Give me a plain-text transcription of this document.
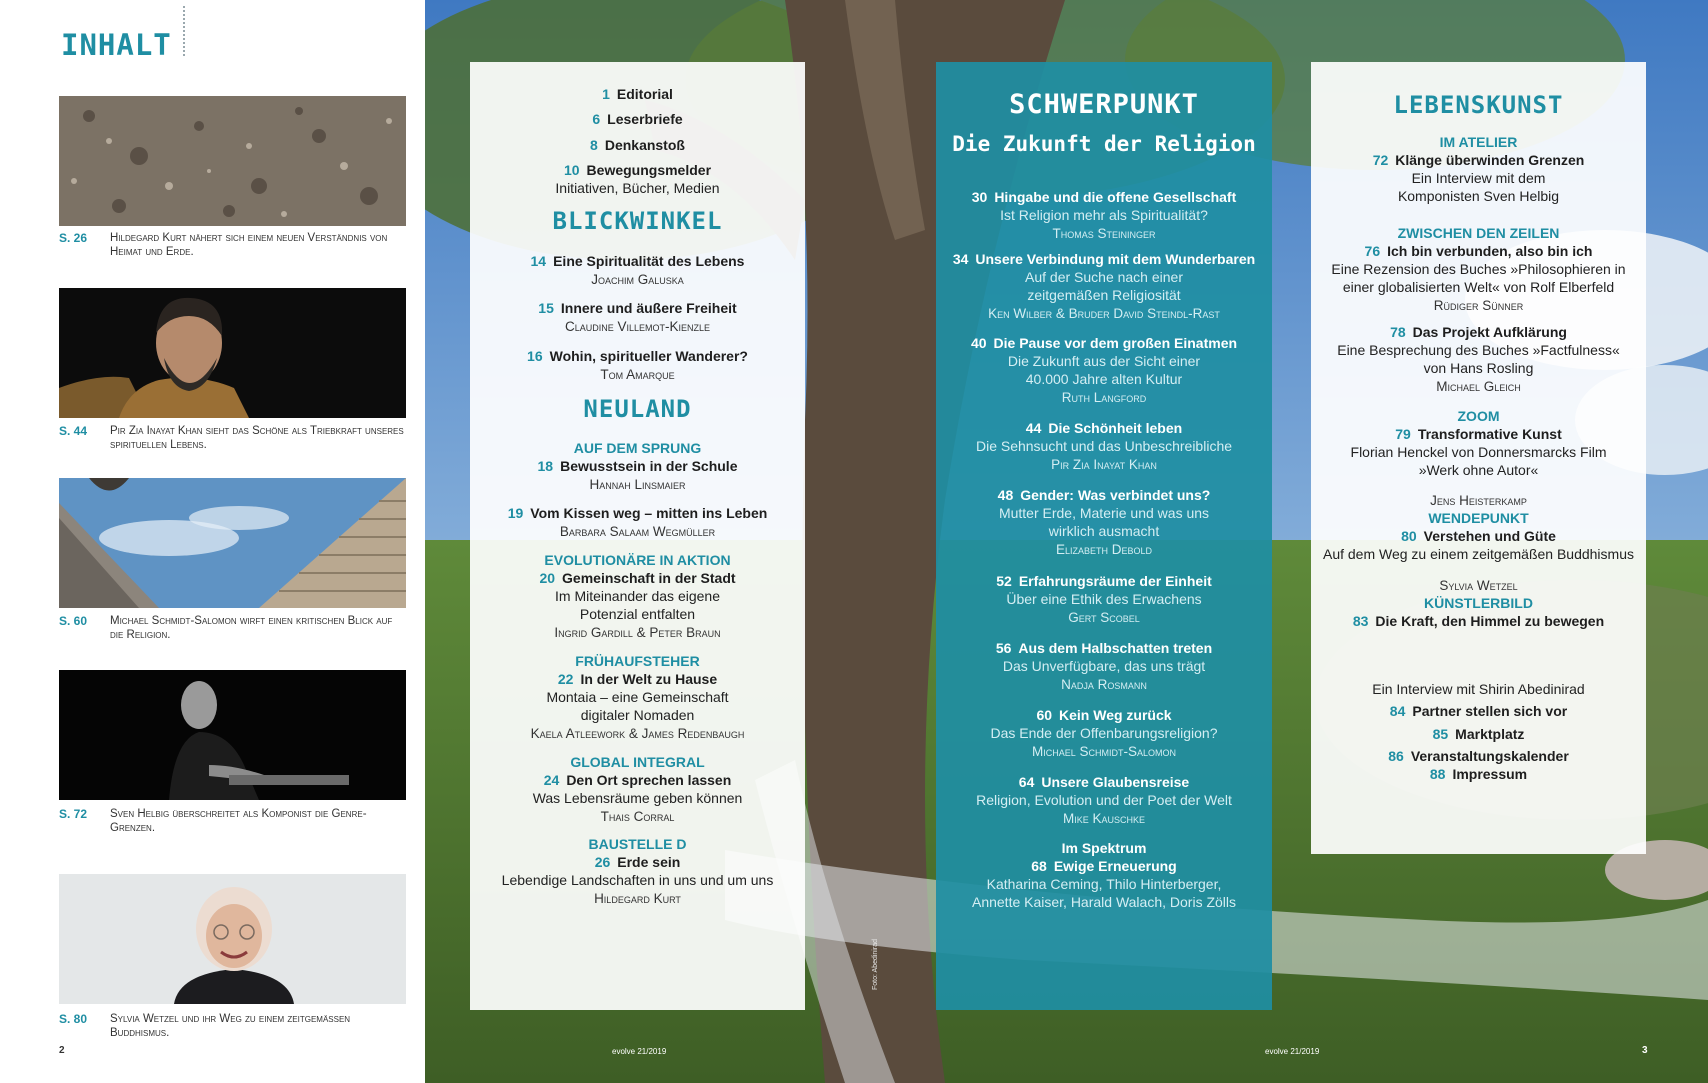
INHALT
S. 26 Hildegard Kurt nähert sich einem neuen Verständnis von Heimat und Erde.
S. 44 Pir Zia Inayat Khan sieht das Schöne als Triebkraft unseres spirituellen Lebens.
S. 60 Michael Schmidt-Salomon wirft einen kritischen Blick auf die Religion.
S. 72 Sven Helbig überschreitet als Komponist die Genre-Grenzen.
S. 80 Sylvia Wetzel und ihr Weg zu einem zeitgemässen Buddhismus.
2
1 Editorial
6 Leserbriefe
8 Denkanstoß
10 Bewegungsmelder
Initiativen, Bücher, Medien
BLICKWINKEL
14 Eine Spiritualität des Lebens
Joachim Galuska
15 Innere und äußere Freiheit
Claudine Villemot-Kienzle
16 Wohin, spiritueller Wanderer?
Tom Amarque
NEULAND
AUF DEM SPRUNG
18 Bewusstsein in der Schule
Hannah Linsmaier
19 Vom Kissen weg – mitten ins Leben
Barbara Salaam Wegmüller
EVOLUTIONÄRE IN AKTION
20 Gemeinschaft in der Stadt
Im Miteinander das eigene
Potenzial entfalten
Ingrid Gardill & Peter Braun
FRÜHAUFSTEHER
22 In der Welt zu Hause
Montaia – eine Gemeinschaft
digitaler Nomaden
Kaela Atleework & James Redenbaugh
GLOBAL INTEGRAL
24 Den Ort sprechen lassen
Was Lebensräume geben können
Thais Corral
BAUSTELLE D
26 Erde sein
Lebendige Landschaften in uns und um uns
Hildegard Kurt
SCHWERPUNKT
Die Zukunft der Religion
30 Hingabe und die offene Gesellschaft
Ist Religion mehr als Spiritualität?
Thomas Steininger
34 Unsere Verbindung mit dem Wunderbaren
Auf der Suche nach einer
zeitgemäßen Religiosität
Ken Wilber & Bruder David Steindl-Rast
40 Die Pause vor dem großen Einatmen
Die Zukunft aus der Sicht einer
40.000 Jahre alten Kultur
Ruth Langford
44 Die Schönheit leben
Die Sehnsucht und das Unbeschreibliche
Pir Zia Inayat Khan
48 Gender: Was verbindet uns?
Mutter Erde, Materie und was uns
wirklich ausmacht
Elizabeth Debold
52 Erfahrungsräume der Einheit
Über eine Ethik des Erwachens
Gert Scobel
56 Aus dem Halbschatten treten
Das Unverfügbare, das uns trägt
Nadja Rosmann
60 Kein Weg zurück
Das Ende der Offenbarungsreligion?
Michael Schmidt-Salomon
64 Unsere Glaubensreise
Religion, Evolution und der Poet der Welt
Mike Kauschke
Im Spektrum
68 Ewige Erneuerung
Katharina Ceming, Thilo Hinterberger,
Annette Kaiser, Harald Walach, Doris Zölls
LEBENSKUNST
IM ATELIER
72 Klänge überwinden Grenzen
Ein Interview mit dem
Komponisten Sven Helbig
ZWISCHEN DEN ZEILEN
76 Ich bin verbunden, also bin ich
Eine Rezension des Buches »Philosophieren in
einer globalisierten Welt« von Rolf Elberfeld
Rüdiger Sünner
78 Das Projekt Aufklärung
Eine Besprechung des Buches »Factfulness«
von Hans Rosling
Michael Gleich
ZOOM
79 Transformative Kunst
Florian Henckel von Donnersmarcks Film
»Werk ohne Autor«
Jens Heisterkamp
WENDEPUNKT
80 Verstehen und Güte
Auf dem Weg zu einem zeitgemäßen Buddhismus
Sylvia Wetzel
KÜNSTLERBILD
83 Die Kraft, den Himmel zu bewegen
Ein Interview mit Shirin Abedinirad
84 Partner stellen sich vor
85 Marktplatz
86 Veranstaltungskalender
88 Impressum
evolve 21/2019	evolve 21/2019	3
Foto: Abedinirad
